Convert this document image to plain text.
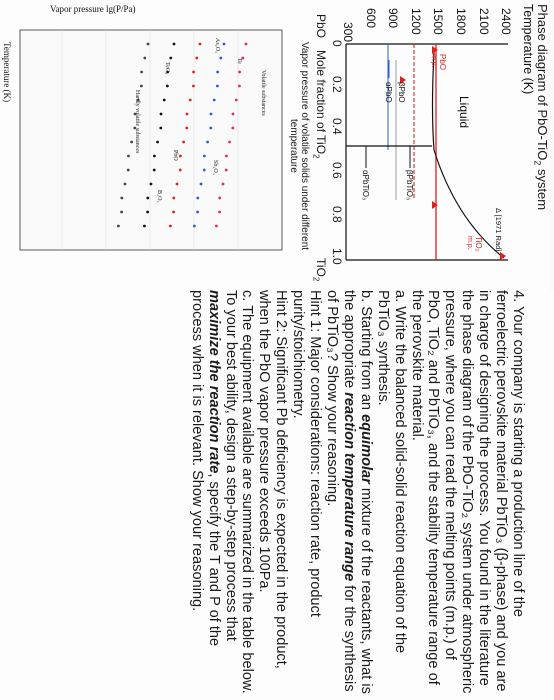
Phase diagram of PbO-TiO$_2$ system
Temperature (K)
2400
2100
1800
1500
1200
900
600
300
Δ [1971 Rad]
Liquid
PbO
m.p.
TiO₂
m.p.
βPbO
αPbO
βPbTiO₃
αPbTiO₃
0
0.2
0.4
0.6
0.8
1.0
PbO
Mole fraction of TiO$_2$
TiO$_2$
Vapor pressure of volatile solids under different
temperature
Temperature (K)
Vapor pressure lg(P/Pa)
Volatile substances
Te
As₂O₃
Sb₂O₃
TeO₂
PbO
B₂O₃
Hardly volatile substances

4. Your company is starting a production line of the ferroelectric perovskite material PbTiO₃ (β-phase) and you are in charge of designing the process. You found in the literature the phase diagram of the PbO-TiO₂ system under atmospheric pressure, where you can read the melting points (m.p.) of PbO, TiO₂ and PbTiO₃, and the stability temperature range of the perovskite material.

a. Write the balanced solid-solid reaction equation of the PbTiO₃ synthesis.

b. Starting from an equimolar mixture of the reactants, what is the appropriate reaction temperature range for the synthesis of PbTiO₃? Show your reasoning.

Hint 1: Major considerations: reaction rate, product purity/stoichiometry.

Hint 2: Significant Pb deficiency is expected in the product, when the PbO vapor pressure exceeds 100Pa.

c. The equipment available are summarized in the table below. To your best ability, design a step-by-step process that maximize the reaction rate, specify the T and P of the process when it is relevant. Show your reasoning.
